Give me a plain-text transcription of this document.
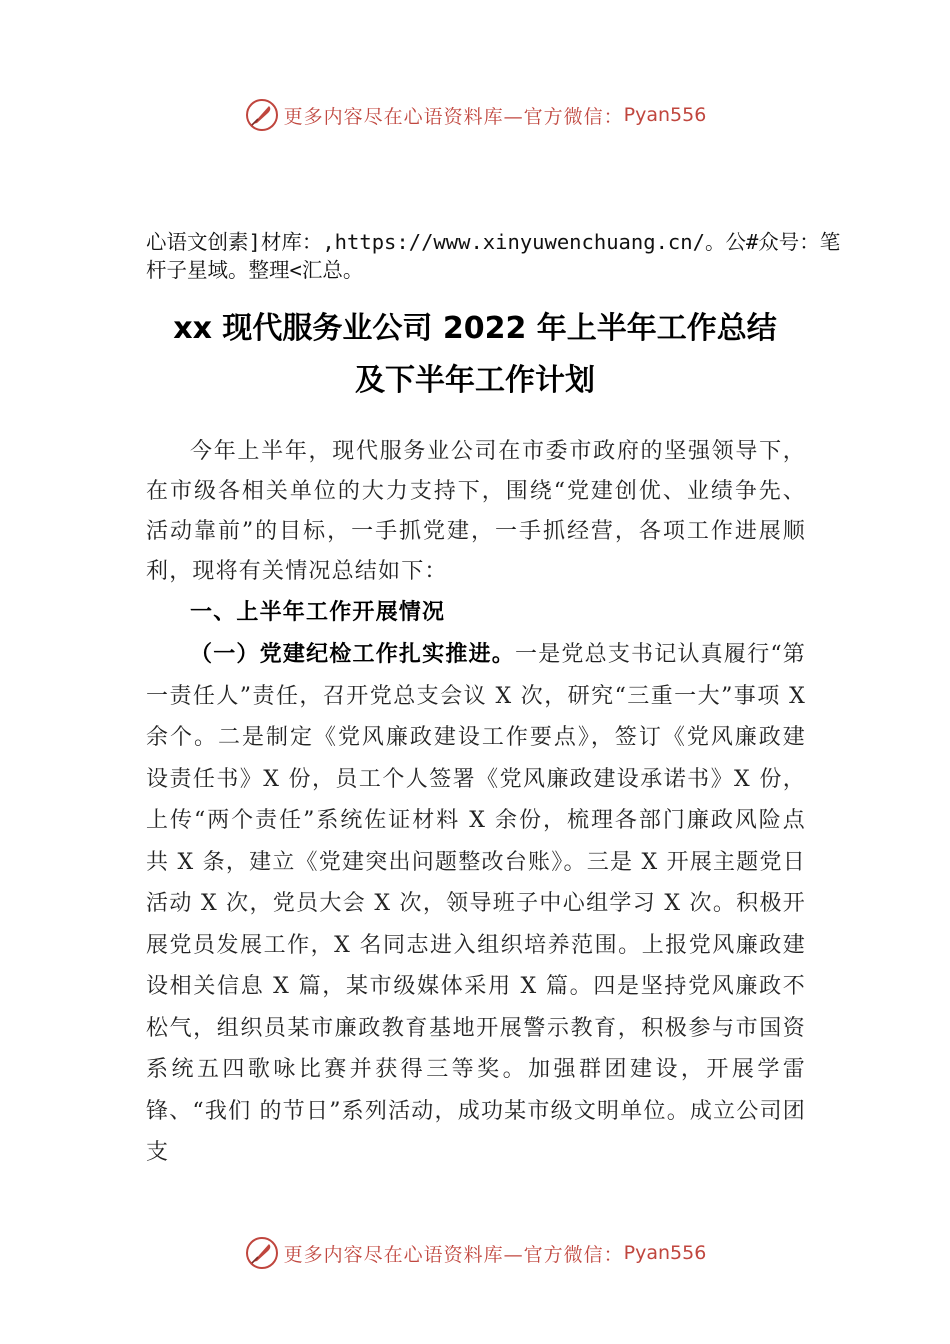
更多内容尽在心语资料库—官方微信： Pyan556
心语文创素]材库：,https://www.xinyuwenchuang.cn/。公#众号：笔杆子星域。整理<汇总。
xx 现代服务业公司 2022 年上半年工作总结
及下半年工作计划

今年上半年，现代服务业公司在市委市政府的坚强领导下，在市级各相关单位的大力支持下，围绕“党建创优、业绩争先、活动靠前”的目标，一手抓党建，一手抓经营，各项工作进展顺利，现将有关情况总结如下：

一、上半年工作开展情况

（一）党建纪检工作扎实推进。一是党总支书记认真履行“第一责任人”责任，召开党总支会议 X 次，研究“三重一大”事项 X 余个。二是制定《党风廉政建设工作要点》，签订《党风廉政建设责任书》X 份，员工个人签署《党风廉政建设承诺书》X 份，上传“两个责任”系统佐证材料 X 余份，梳理各部门廉政风险点共 X 条，建立《党建突出问题整改台账》。三是 X 开展主题党日活动 X 次，党员大会 X 次，领导班子中心组学习 X 次。积极开展党员发展工作，X 名同志进入组织培养范围。上报党风廉政建设相关信息 X 篇，某市级媒体采用 X 篇。四是坚持党风廉政不松气，组织员某市廉政教育基地开展警示教育，积极参与市国资系统五四歌咏比赛并获得三等奖。加强群团建设，开展学雷锋、“我们 的节日”系列活动，成功某市级文明单位。成立公司团支

更多内容尽在心语资料库—官方微信： Pyan556
